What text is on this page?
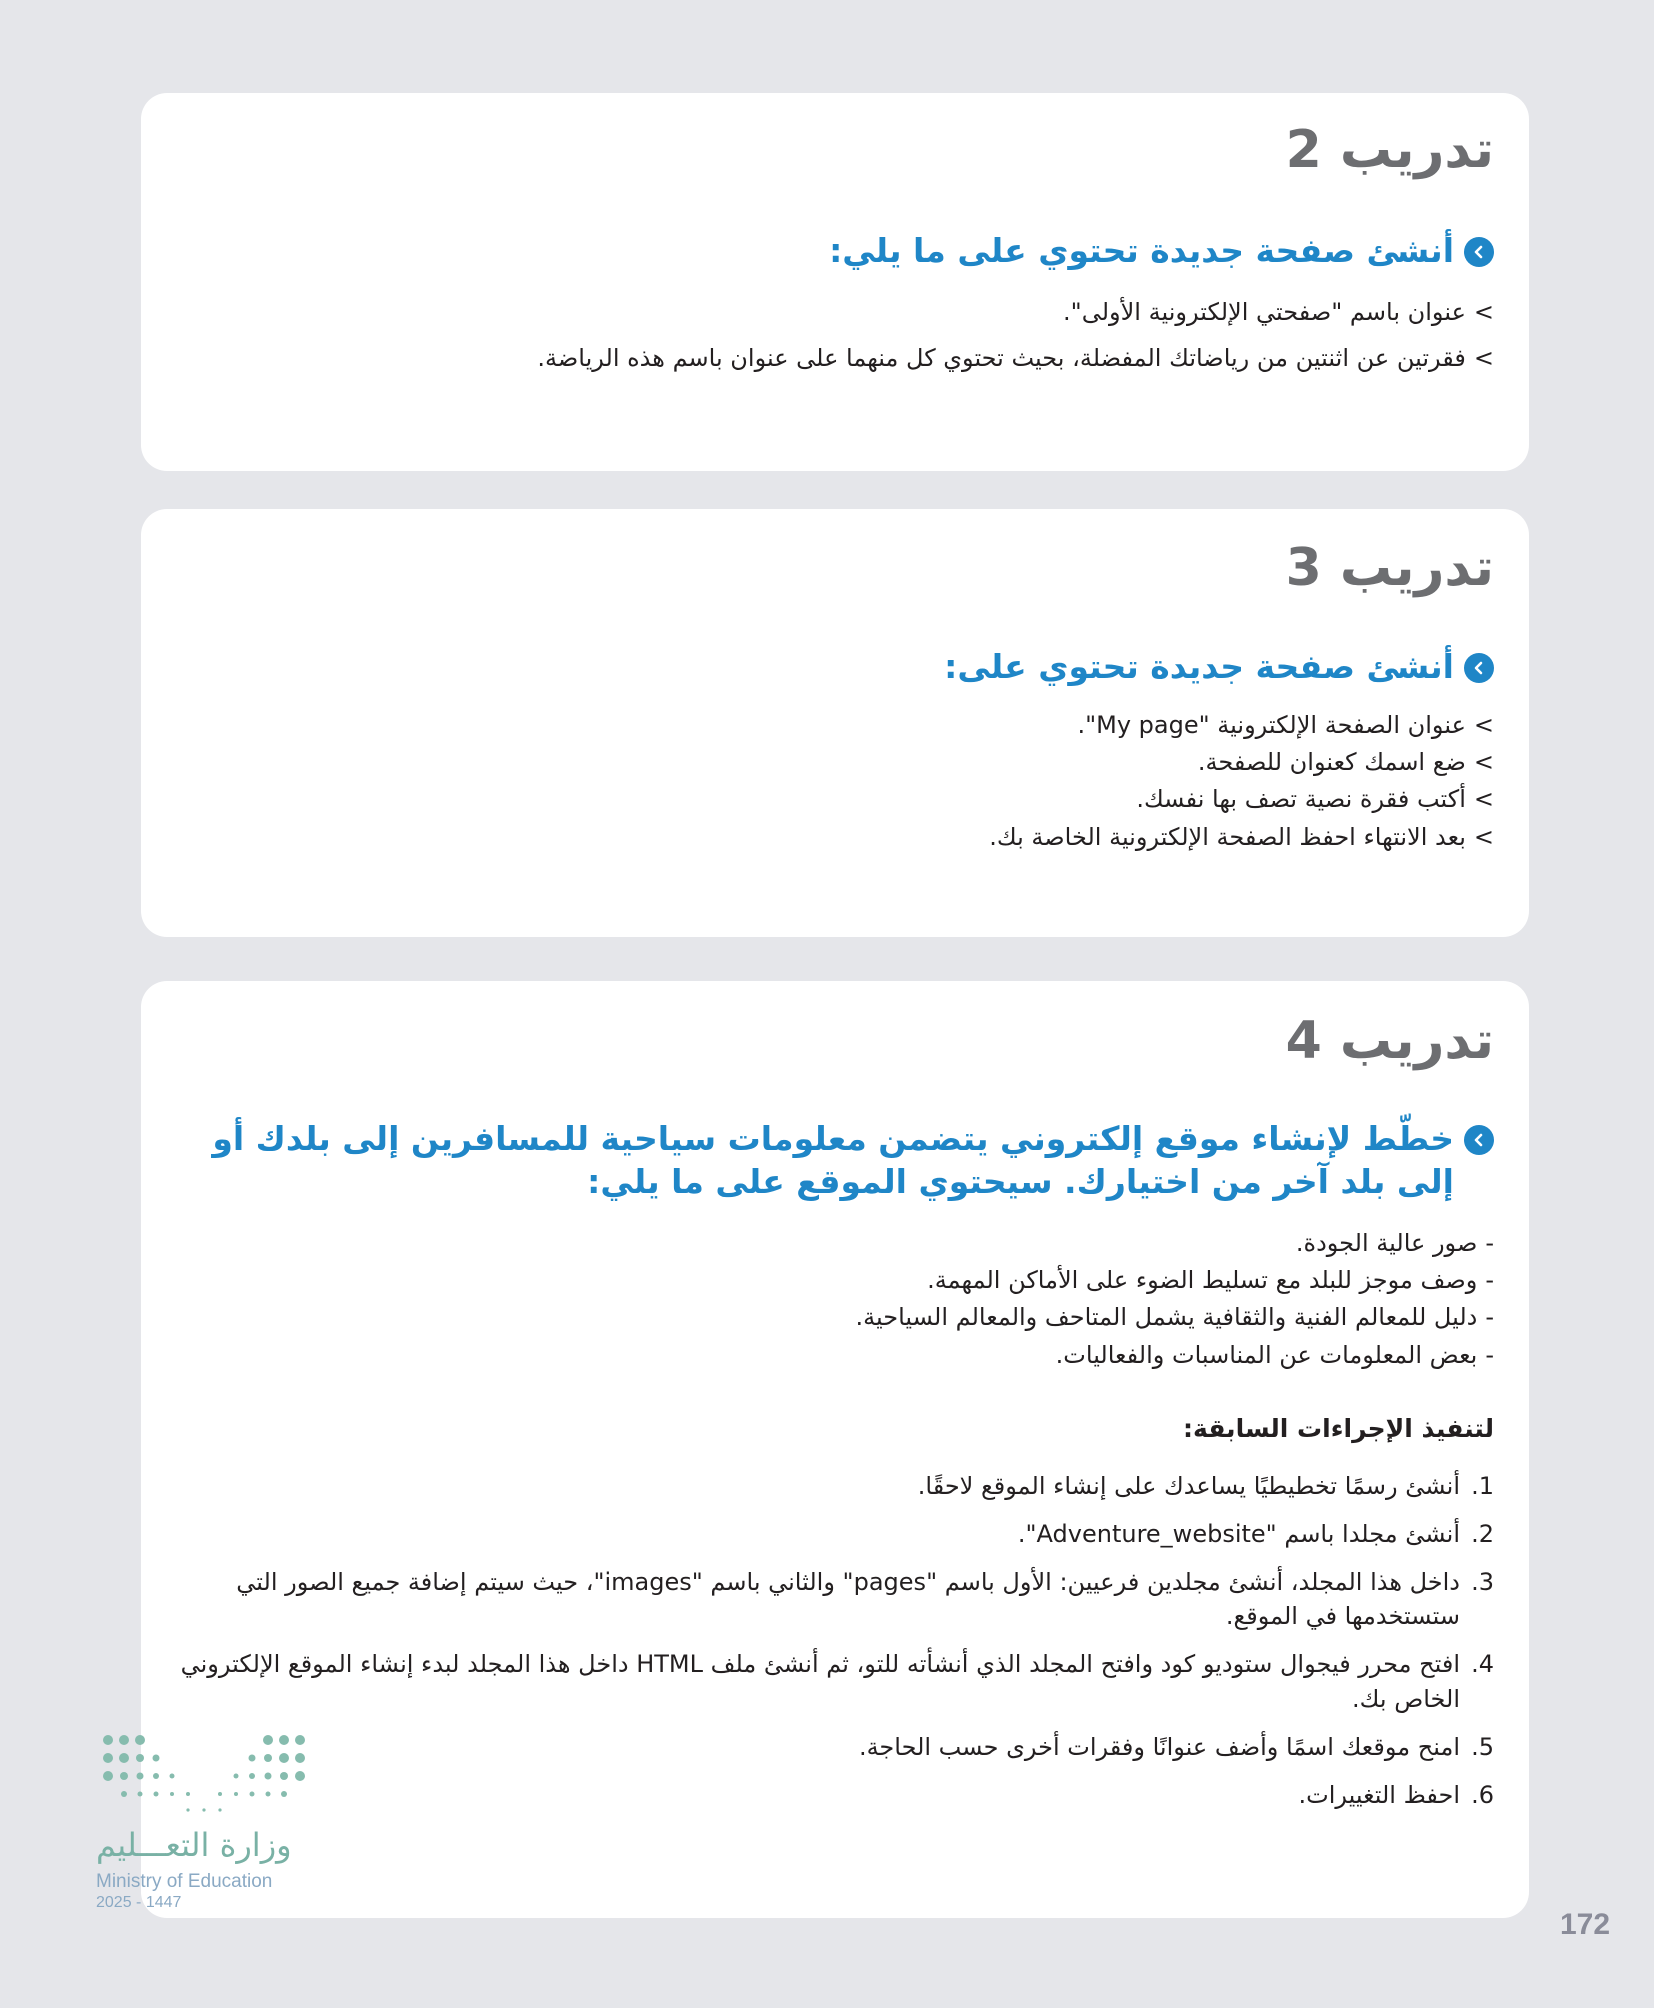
تدريب 2

أنشئ صفحة جديدة تحتوي على ما يلي:

>عنوان باسم "صفحتي الإلكترونية الأولى".
>فقرتين عن اثنتين من رياضاتك المفضلة، بحيث تحتوي كل منهما على عنوان باسم هذه الرياضة.
تدريب 3

أنشئ صفحة جديدة تحتوي على:

>عنوان الصفحة الإلكترونية "My page".
>ضع اسمك كعنوان للصفحة.
>أكتب فقرة نصية تصف بها نفسك.
>بعد الانتهاء احفظ الصفحة الإلكترونية الخاصة بك.
تدريب 4

خطّط لإنشاء موقع إلكتروني يتضمن معلومات سياحية للمسافرين إلى بلدك أو إلى بلد آخر من اختيارك. سيحتوي الموقع على ما يلي:

-صور عالية الجودة.
-وصف موجز للبلد مع تسليط الضوء على الأماكن المهمة.
-دليل للمعالم الفنية والثقافية يشمل المتاحف والمعالم السياحية.
-بعض المعلومات عن المناسبات والفعاليات.

لتنفيذ الإجراءات السابقة:

1.
أنشئ رسمًا تخطيطيًا يساعدك على إنشاء الموقع لاحقًا.
2.
أنشئ مجلدا باسم "Adventure_website".
3.
داخل هذا المجلد، أنشئ مجلدين فرعيين: الأول باسم "pages" والثاني باسم "images"، حيث سيتم إضافة جميع الصور التي ستستخدمها في الموقع.
4.
افتح محرر فيجوال ستوديو كود وافتح المجلد الذي أنشأته للتو، ثم أنشئ ملف HTML داخل هذا المجلد لبدء إنشاء الموقع الإلكتروني الخاص بك.
5.
امنح موقعك اسمًا وأضف عنوانًا وفقرات أخرى حسب الحاجة.
6.
احفظ التغييرات.
وزارة التعـــليم
Ministry of Education
2025 - 1447
172
